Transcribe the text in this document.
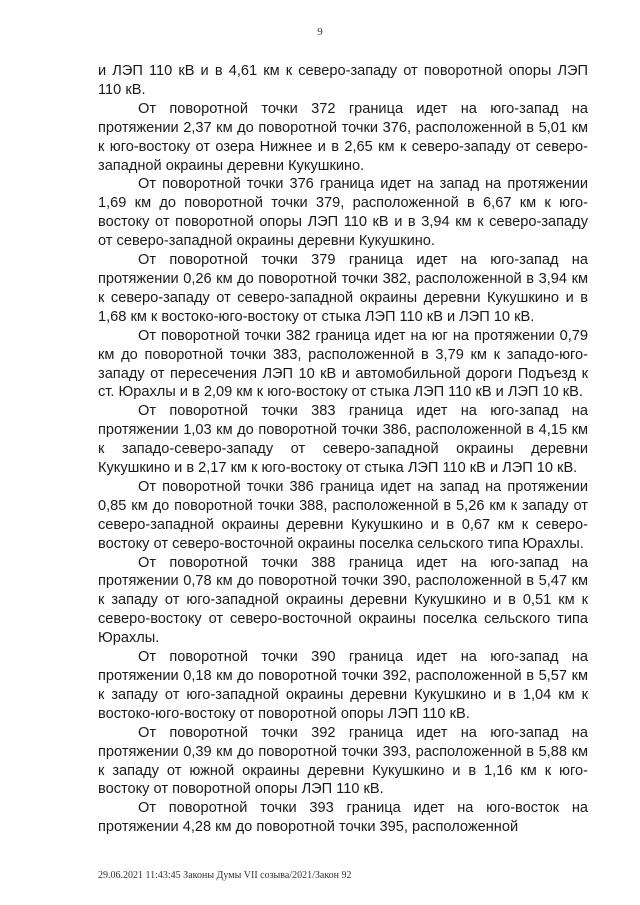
9

и ЛЭП 110 кВ и в 4,61 км к северо-западу от поворотной опоры ЛЭП 110 кВ.

От поворотной точки 372 граница идет на юго-запад на протяжении 2,37 км до поворотной точки 376, расположенной в 5,01 км к юго-востоку от озера Нижнее и в 2,65 км к северо-западу от северо-западной окраины деревни Кукушкино.

От поворотной точки 376 граница идет на запад на протяжении 1,69 км до поворотной точки 379, расположенной в 6,67 км к юго-востоку от поворотной опоры ЛЭП 110 кВ и в 3,94 км к северо-западу от северо-западной окраины деревни Кукушкино.

От поворотной точки 379 граница идет на юго-запад на протяжении 0,26 км до поворотной точки 382, расположенной в 3,94 км к северо-западу от северо-западной окраины деревни Кукушкино и в 1,68 км к востоко-юго-востоку от стыка ЛЭП 110 кВ и ЛЭП 10 кВ.

От поворотной точки 382 граница идет на юг на протяжении 0,79 км до поворотной точки 383, расположенной в 3,79 км к западо-юго-западу от пересечения ЛЭП 10 кВ и автомобильной дороги Подъезд к ст. Юрахлы и в 2,09 км к юго-востоку от стыка ЛЭП 110 кВ и ЛЭП 10 кВ.

От поворотной точки 383 граница идет на юго-запад на протяжении 1,03 км до поворотной точки 386, расположенной в 4,15 км к западо-северо-западу от северо-западной окраины деревни Кукушкино и в 2,17 км к юго-востоку от стыка ЛЭП 110 кВ и ЛЭП 10 кВ.

От поворотной точки 386 граница идет на запад на протяжении 0,85 км до поворотной точки 388, расположенной в 5,26 км к западу от северо-западной окраины деревни Кукушкино и в 0,67 км к северо-востоку от северо-восточной окраины поселка сельского типа Юрахлы.

От поворотной точки 388 граница идет на юго-запад на протяжении 0,78 км до поворотной точки 390, расположенной в 5,47 км к западу от юго-западной окраины деревни Кукушкино и в 0,51 км к северо-востоку от северо-восточной окраины поселка сельского типа Юрахлы.

От поворотной точки 390 граница идет на юго-запад на протяжении 0,18 км до поворотной точки 392, расположенной в 5,57 км к западу от юго-западной окраины деревни Кукушкино и в 1,04 км к востоко-юго-востоку от поворотной опоры ЛЭП 110 кВ.

От поворотной точки 392 граница идет на юго-запад на протяжении 0,39 км до поворотной точки 393, расположенной в 5,88 км к западу от южной окраины деревни Кукушкино и в 1,16 км к юго-востоку от поворотной опоры ЛЭП 110 кВ.

От поворотной точки 393 граница идет на юго-восток на протяжении 4,28 км до поворотной точки 395, расположенной

29.06.2021 11:43:45 Законы Думы VII созыва/2021/Закон 92
